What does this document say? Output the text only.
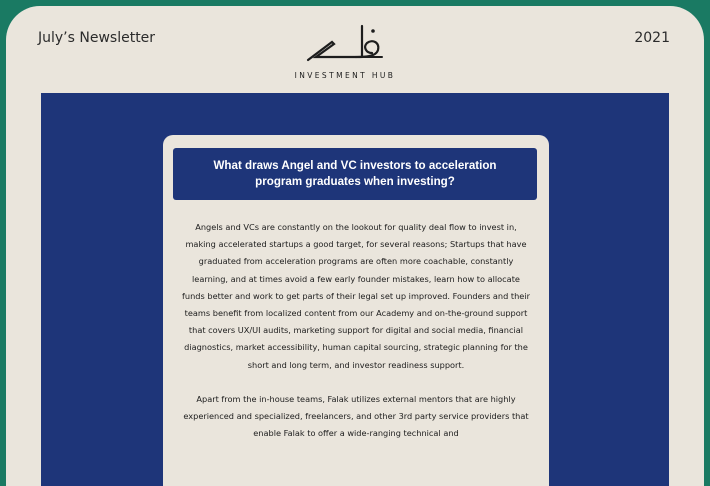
July’s Newsletter
INVESTMENT HUB
2021
What draws Angel and VC investors to acceleration program graduates when investing?

Angels and VCs are constantly on the lookout for quality deal flow to invest in, making accelerated startups a good target, for several reasons; Startups that have graduated from acceleration programs are often more coachable, constantly learning, and at times avoid a few early founder mistakes, learn how to allocate funds better and work to get parts of their legal set up improved. Founders and their teams benefit from localized content from our Academy and on-the-ground support that covers UX/UI audits, marketing support for digital and social media, financial diagnostics, market accessibility, human capital sourcing, strategic planning for the short and long term, and investor readiness support.

Apart from the in-house teams, Falak utilizes external mentors that are highly experienced and specialized, freelancers, and other 3rd party service providers that enable Falak to offer a wide-ranging technical and
